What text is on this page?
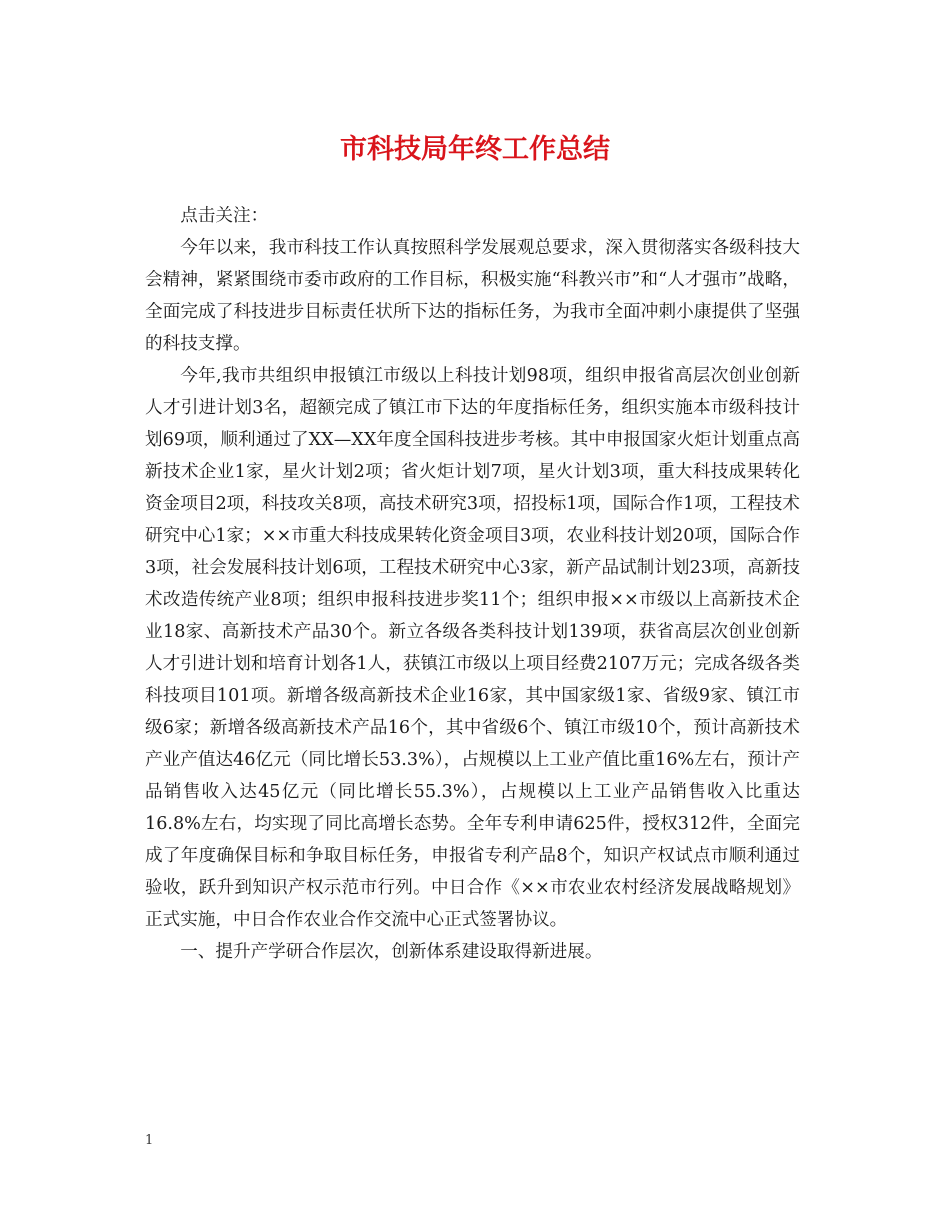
市科技局年终工作总结

点击关注：

今年以来，我市科技工作认真按照科学发展观总要求，深入贯彻落实各级科技大会精神，紧紧围绕市委市政府的工作目标，积极实施“科教兴市”和“人才强市”战略，全面完成了科技进步目标责任状所下达的指标任务，为我市全面冲刺小康提供了坚强的科技支撑。

今年,我市共组织申报镇江市级以上科技计划98项，组织申报省高层次创业创新人才引进计划3名，超额完成了镇江市下达的年度指标任务，组织实施本市级科技计划69项，顺利通过了XX—XX年度全国科技进步考核。其中申报国家火炬计划重点高新技术企业1家，星火计划2项；省火炬计划7项，星火计划3项，重大科技成果转化资金项目2项，科技攻关8项，高技术研究3项，招投标1项，国际合作1项，工程技术研究中心1家；××市重大科技成果转化资金项目3项，农业科技计划20项，国际合作3项，社会发展科技计划6项，工程技术研究中心3家，新产品试制计划23项，高新技术改造传统产业8项；组织申报科技进步奖11个；组织申报××市级以上高新技术企业18家、高新技术产品30个。新立各级各类科技计划139项，获省高层次创业创新人才引进计划和培育计划各1人，获镇江市级以上项目经费2107万元；完成各级各类科技项目101项。新增各级高新技术企业16家，其中国家级1家、省级9家、镇江市级6家；新增各级高新技术产品16个，其中省级6个、镇江市级10个，预计高新技术产业产值达46亿元（同比增长53.3%），占规模以上工业产值比重16%左右，预计产品销售收入达45亿元（同比增长55.3%），占规模以上工业产品销售收入比重达16.8%左右，均实现了同比高增长态势。全年专利申请625件，授权312件，全面完成了年度确保目标和争取目标任务，申报省专利产品8个，知识产权试点市顺利通过验收，跃升到知识产权示范市行列。中日合作《××市农业农村经济发展战略规划》正式实施，中日合作农业合作交流中心正式签署协议。

一、提升产学研合作层次，创新体系建设取得新进展。

1
